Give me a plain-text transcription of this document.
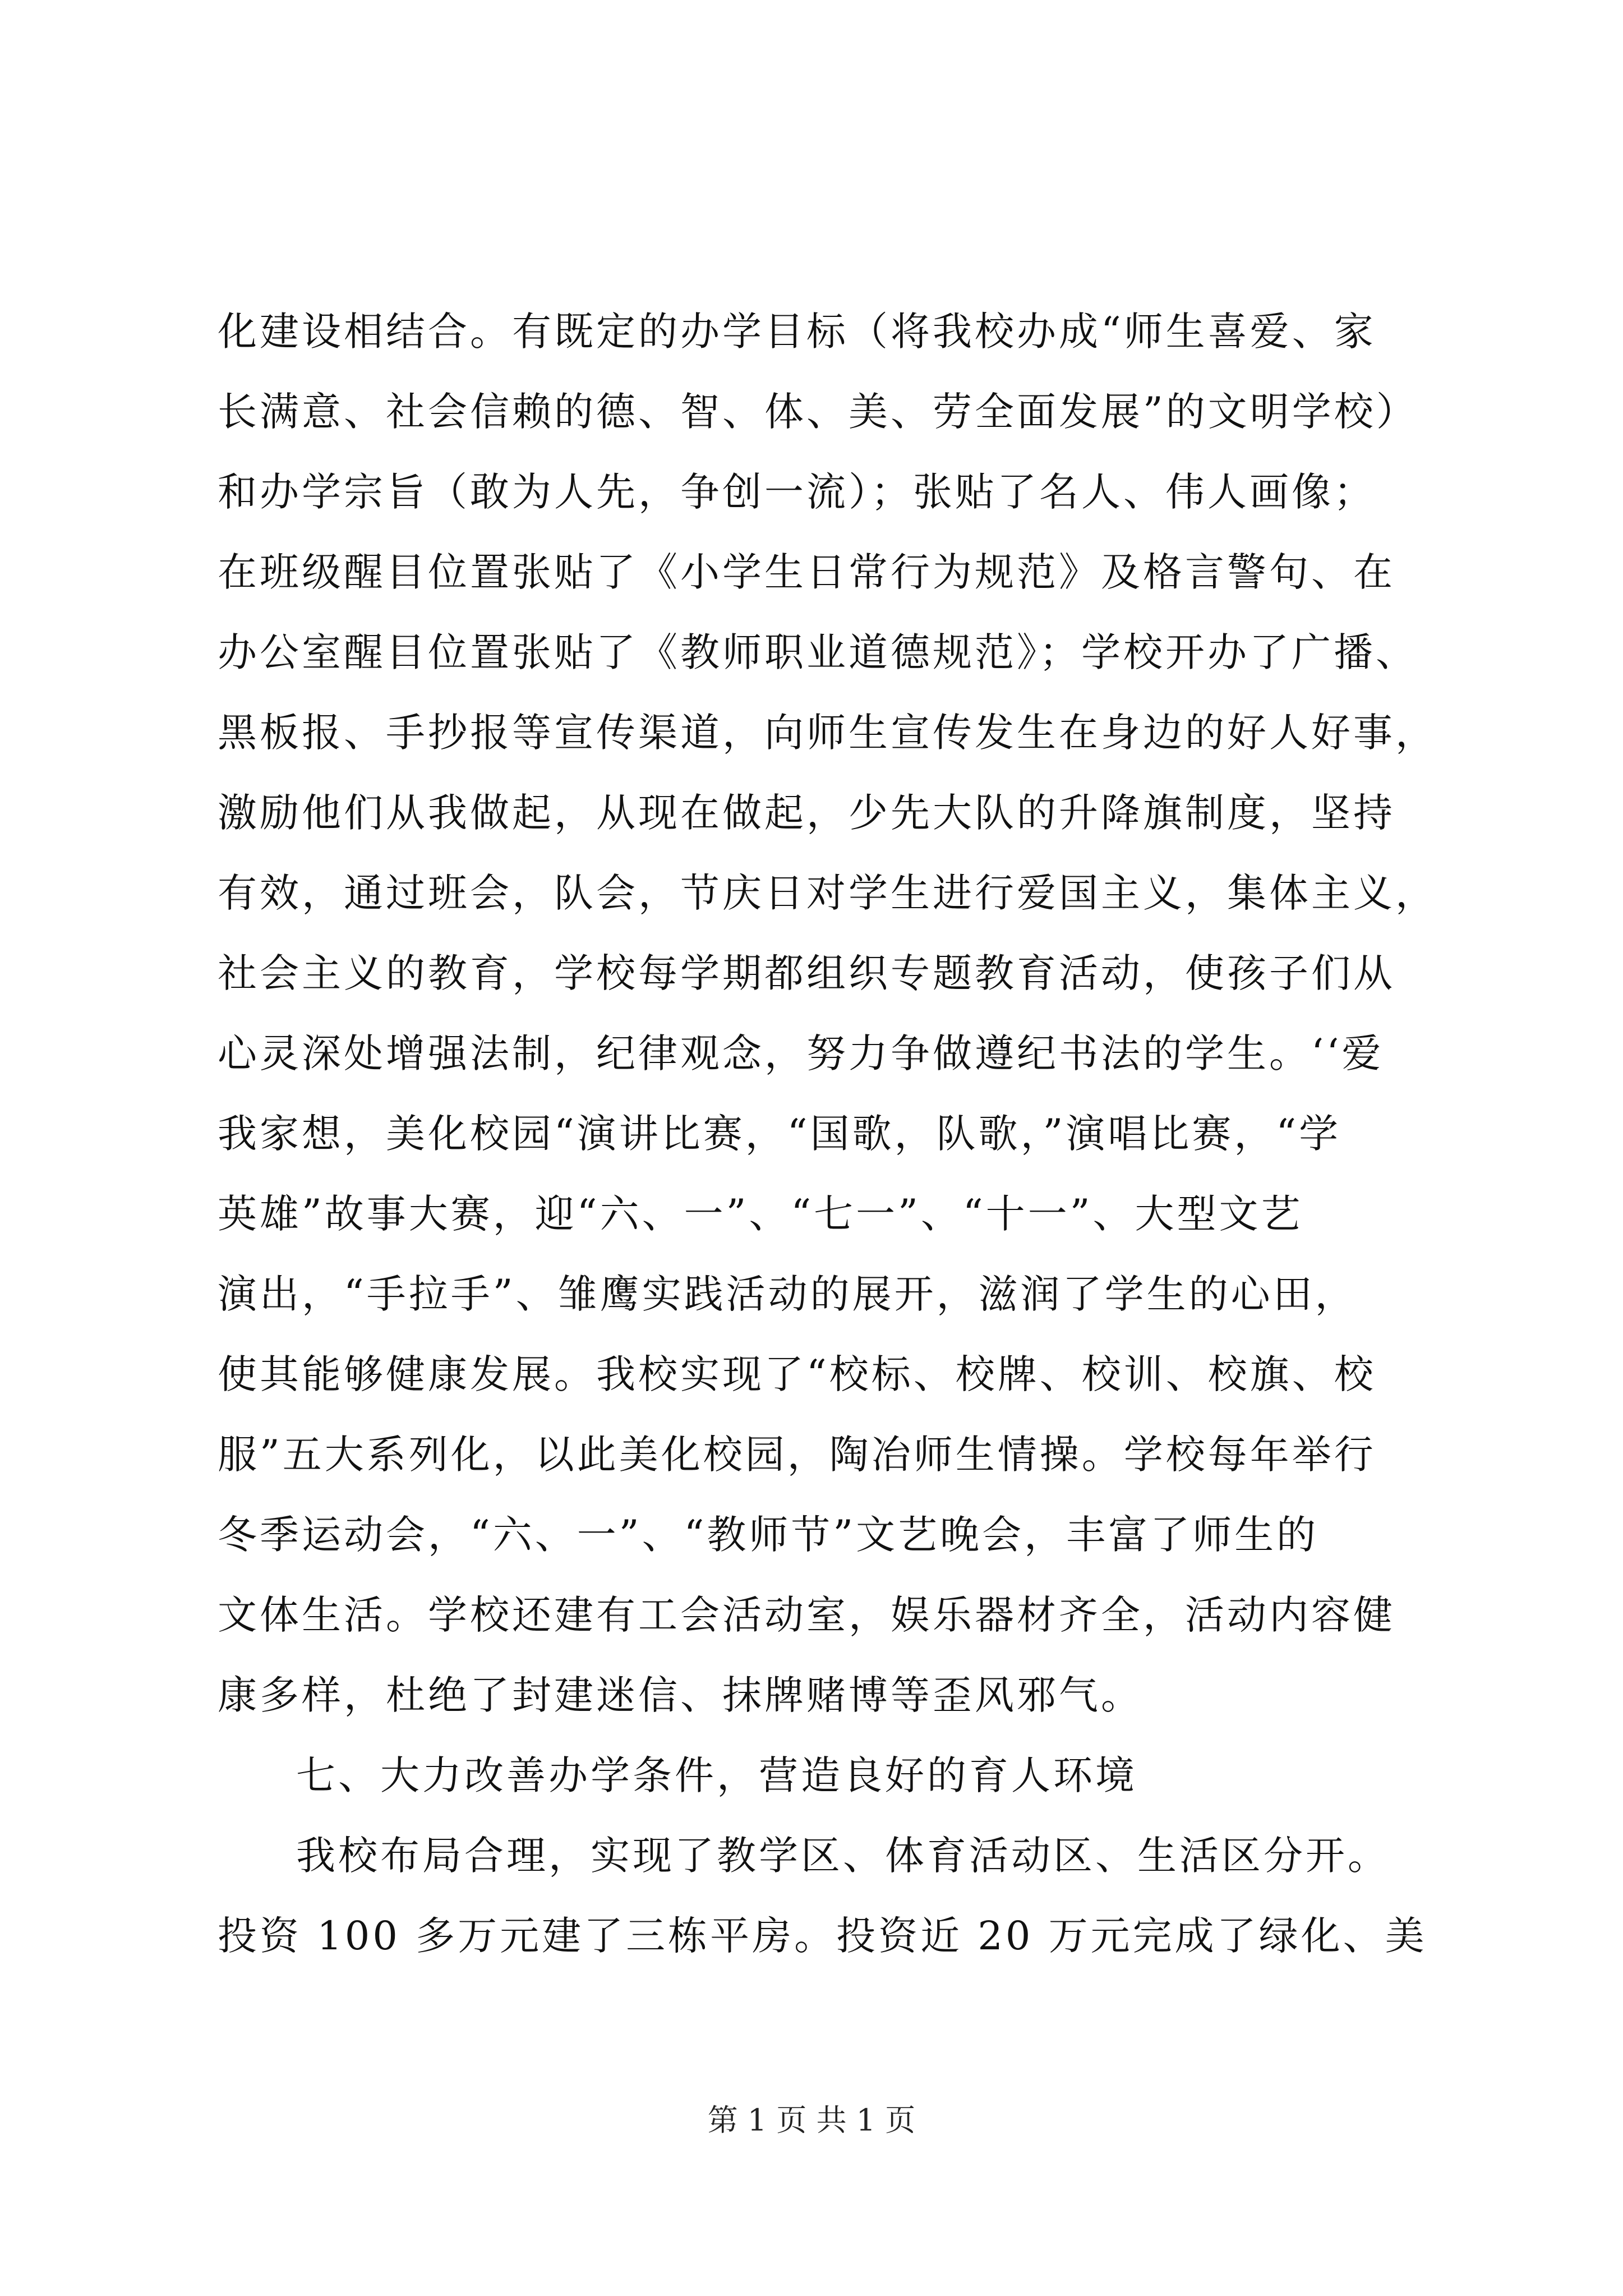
化建设相结合。有既定的办学目标（将我校办成“师生喜爱、家
长满意、社会信赖的德、智、体、美、劳全面发展”的文明学校）
和办学宗旨（敢为人先，争创一流）；张贴了名人、伟人画像；
在班级醒目位置张贴了《小学生日常行为规范》及格言警句、在
办公室醒目位置张贴了《教师职业道德规范》；学校开办了广播、
黑板报、手抄报等宣传渠道，向师生宣传发生在身边的好人好事，
激励他们从我做起，从现在做起，少先大队的升降旗制度，坚持
有效，通过班会，队会，节庆日对学生进行爱国主义，集体主义，
社会主义的教育，学校每学期都组织专题教育活动，使孩子们从
心灵深处增强法制，纪律观念，努力争做遵纪书法的学生。‘‘爱
我家想，美化校园“演讲比赛，“国歌，队歌，”演唱比赛，“学
英雄”故事大赛，迎“六、一”、“七一”、“十一”、大型文艺
演出，“手拉手”、雏鹰实践活动的展开，滋润了学生的心田，
使其能够健康发展。我校实现了“校标、校牌、校训、校旗、校
服”五大系列化，以此美化校园，陶冶师生情操。学校每年举行
冬季运动会，“六、一”、“教师节”文艺晚会，丰富了师生的
文体生活。学校还建有工会活动室，娱乐器材齐全，活动内容健
康多样，杜绝了封建迷信、抹牌赌博等歪风邪气。
七、大力改善办学条件，营造良好的育人环境
我校布局合理，实现了教学区、体育活动区、生活区分开。
投资 100 多万元建了三栋平房。投资近 20 万元完成了绿化、美
第 1 页 共 1 页
